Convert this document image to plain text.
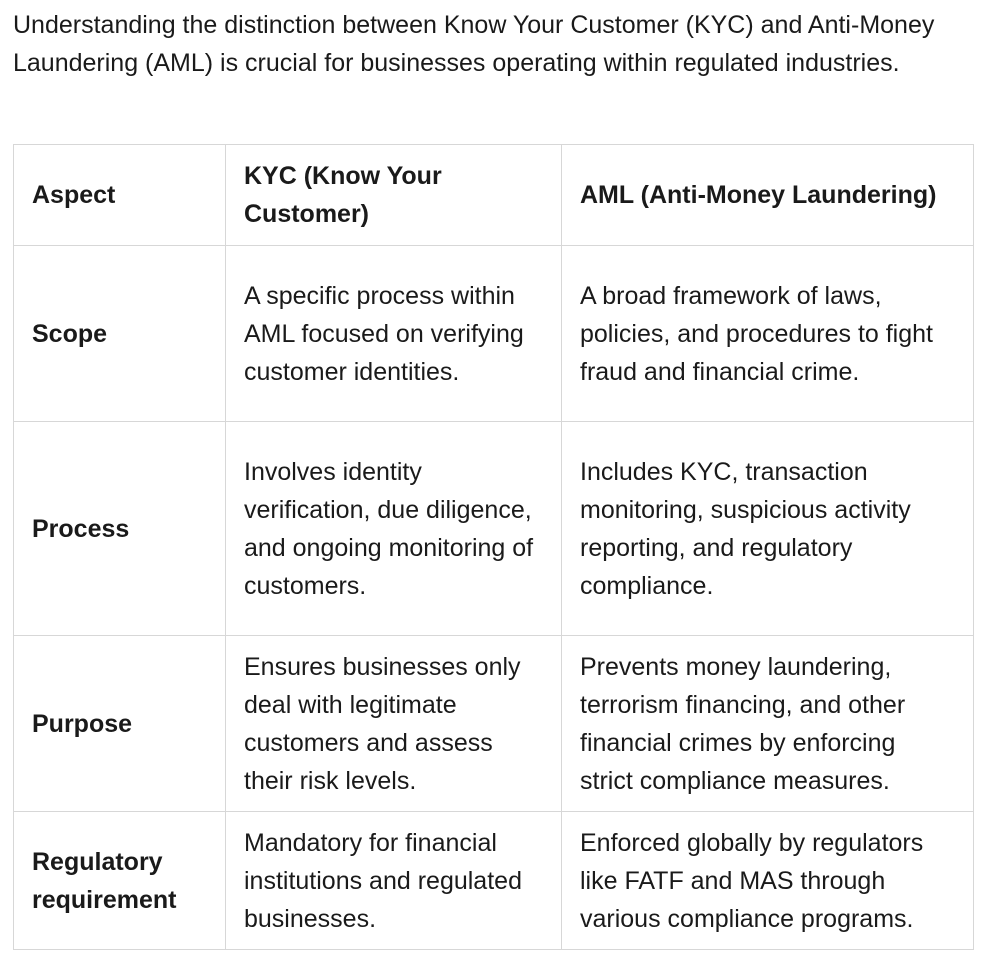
Understanding the distinction between Know Your Customer (KYC) and Anti-Money Laundering (AML) is crucial for businesses operating within regulated industries.

Aspect	KYC (Know Your Customer)	AML (Anti-Money Laundering)
Scope	A specific process within AML focused on verifying customer identities.	A broad framework of laws, policies, and procedures to fight fraud and financial crime.
Process	Involves identity verification, due diligence, and ongoing monitoring of customers.	Includes KYC, transaction monitoring, suspicious activity reporting, and regulatory compliance.
Purpose	Ensures businesses only deal with legitimate customers and assess their risk levels.	Prevents money laundering, terrorism financing, and other financial crimes by enforcing strict compliance measures.
Regulatory requirement	Mandatory for financial institutions and regulated businesses.	Enforced globally by regulators like FATF and MAS through various compliance programs.
